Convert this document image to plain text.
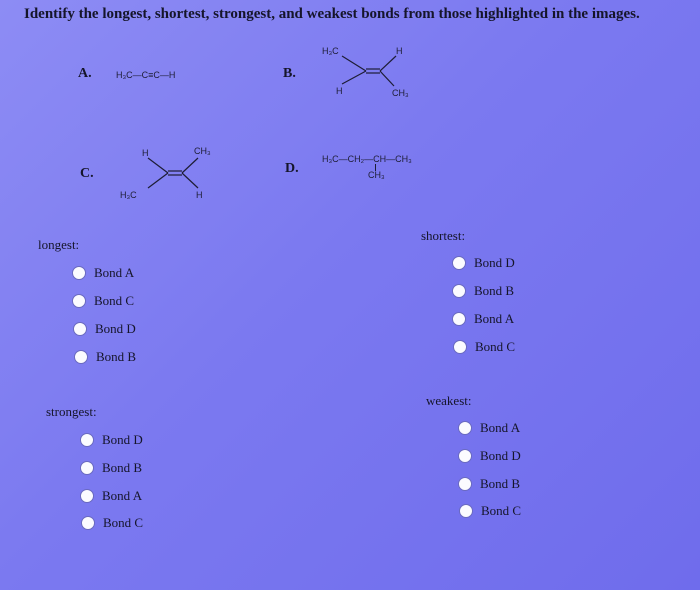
Identify the longest, shortest, strongest, and weakest bonds from those highlighted in the images.
A.	H₃C—C≡C—H	B.
H₃C	H
H	CH₃
C.
H	CH₃
H₃C	H
D.
H₃C—CH₂—CH—CH₃
CH₃
longest:
Bond A
Bond C
Bond D
Bond B
shortest:
Bond D
Bond B
Bond A
Bond C
strongest:
Bond D
Bond B
Bond A
Bond C
weakest:
Bond A
Bond D
Bond B
Bond C
